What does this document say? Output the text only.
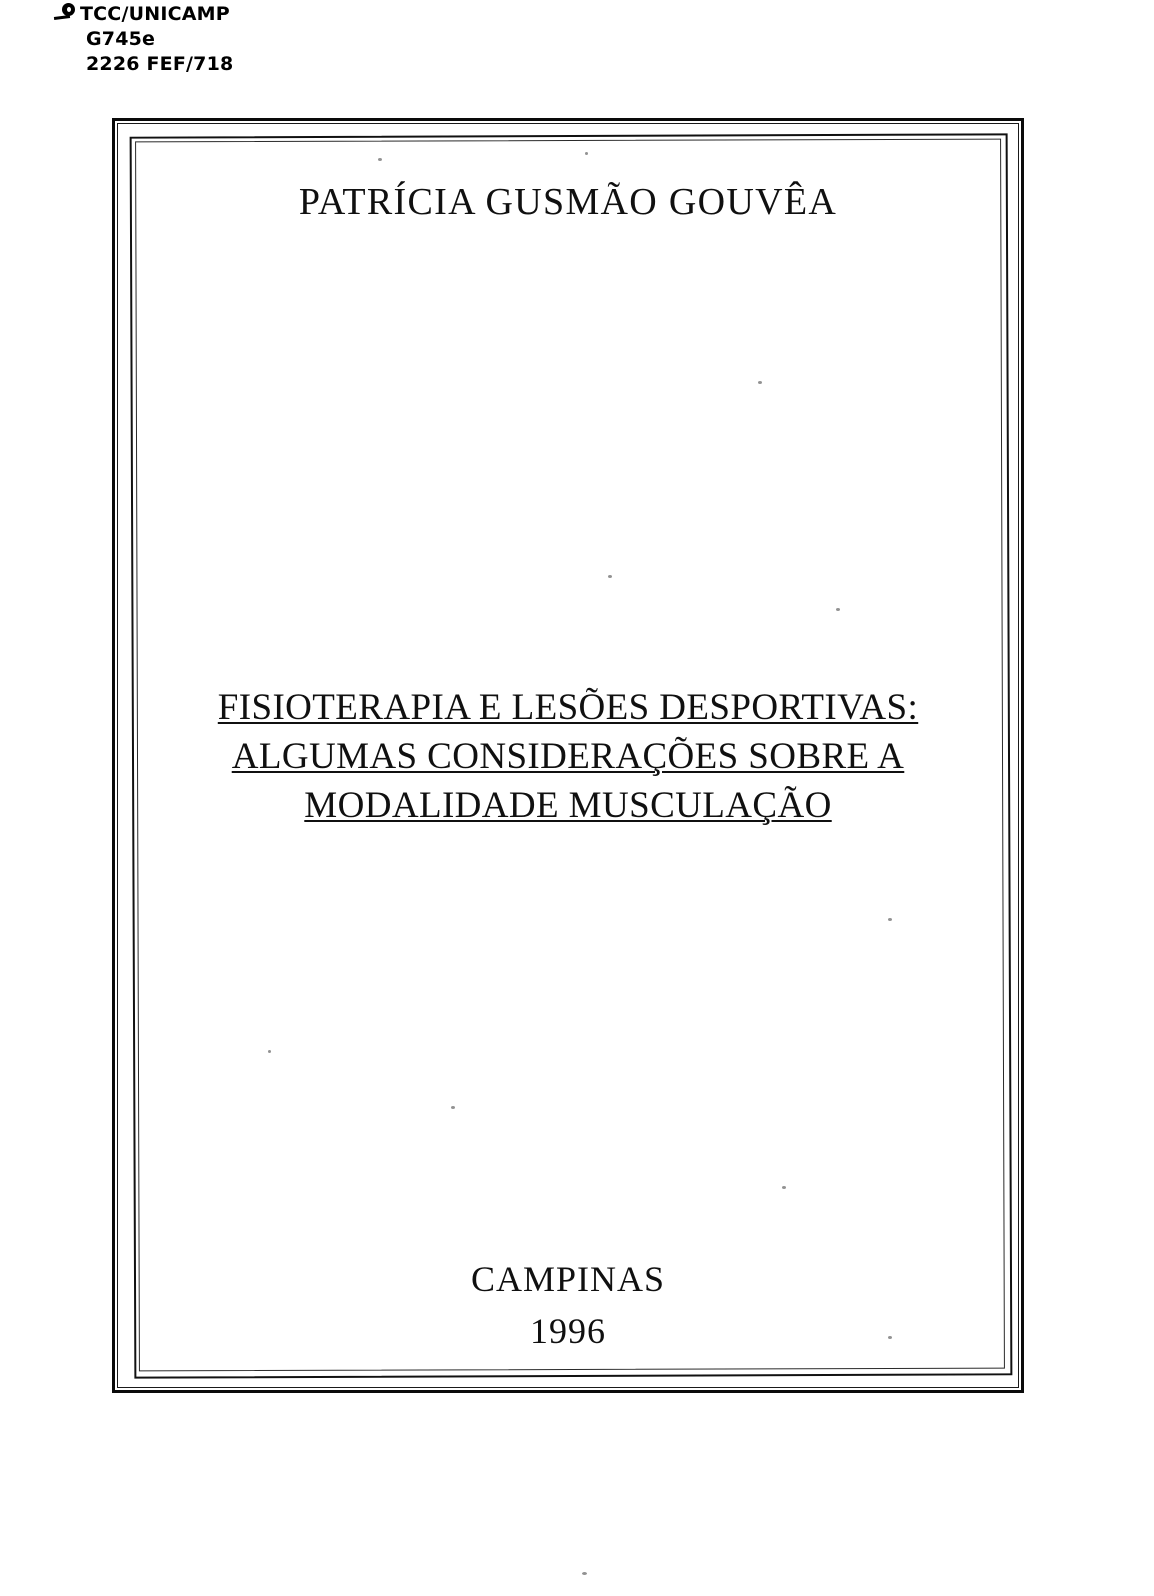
TCC/UNICAMP
G745e
2226 FEF/718
PATRÍCIA GUSMÃO GOUVÊA
FISIOTERAPIA E LESÕES DESPORTIVAS:
ALGUMAS CONSIDERAÇÕES SOBRE A
MODALIDADE MUSCULAÇÃO
CAMPINAS
1996
